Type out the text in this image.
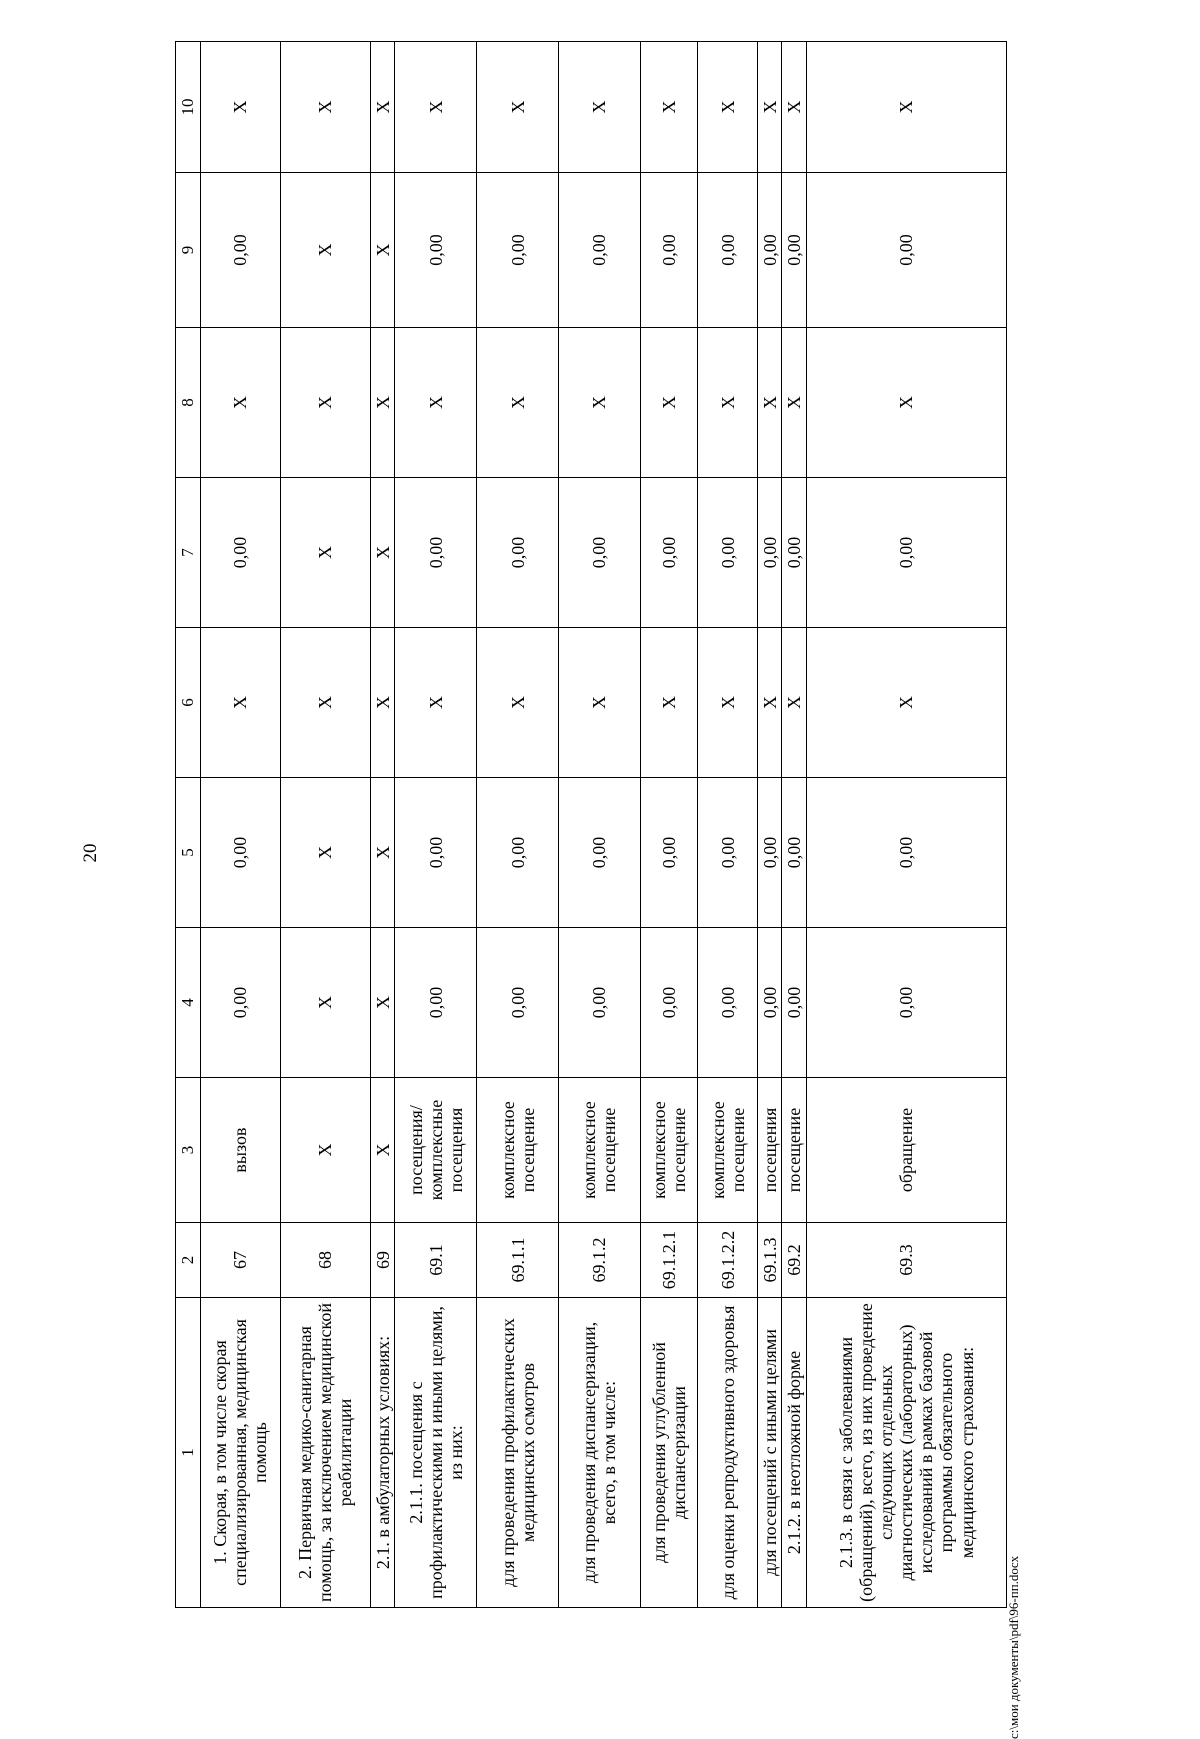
20
1	2	3	4	5	6	7	8	9	10
1. Скорая, в том числе скорая специализированная, медицинская помощь	67	вызов	0,00	0,00	Х	0,00	Х	0,00	Х
2. Первичная медико-санитарная помощь, за исключением медицинской реабилитации	68	Х	Х	Х	Х	Х	Х	Х	Х
2.1. в амбулаторных условиях:	69	Х	Х	Х	Х	Х	Х	Х	Х
2.1.1. посещения с профилактическими и иными целями, из них:	69.1	посещения/ комплексные посещения	0,00	0,00	Х	0,00	Х	0,00	Х
для проведения профилактических медицинских осмотров	69.1.1	комплексное посещение	0,00	0,00	Х	0,00	Х	0,00	Х
для проведения диспансеризации, всего, в том числе:	69.1.2	комплексное посещение	0,00	0,00	Х	0,00	Х	0,00	Х
для проведения углубленной диспансеризации	69.1.2.1	комплексное посещение	0,00	0,00	Х	0,00	Х	0,00	Х
для оценки репродуктивного здоровья	69.1.2.2	комплексное посещение	0,00	0,00	Х	0,00	Х	0,00	Х
для посещений с иными целями	69.1.3	посещения	0,00	0,00	Х	0,00	Х	0,00	Х
2.1.2. в неотложной форме	69.2	посещение	0,00	0,00	Х	0,00	Х	0,00	Х
2.1.3. в связи с заболеваниями (обращений), всего, из них проведение следующих отдельных диагностических (лабораторных) исследований в рамках базовой программы обязательного медицинского страхования:	69.3	обращение	0,00	0,00	Х	0,00	Х	0,00	Х
c:\мои документы\pdf\96-пп.docx
